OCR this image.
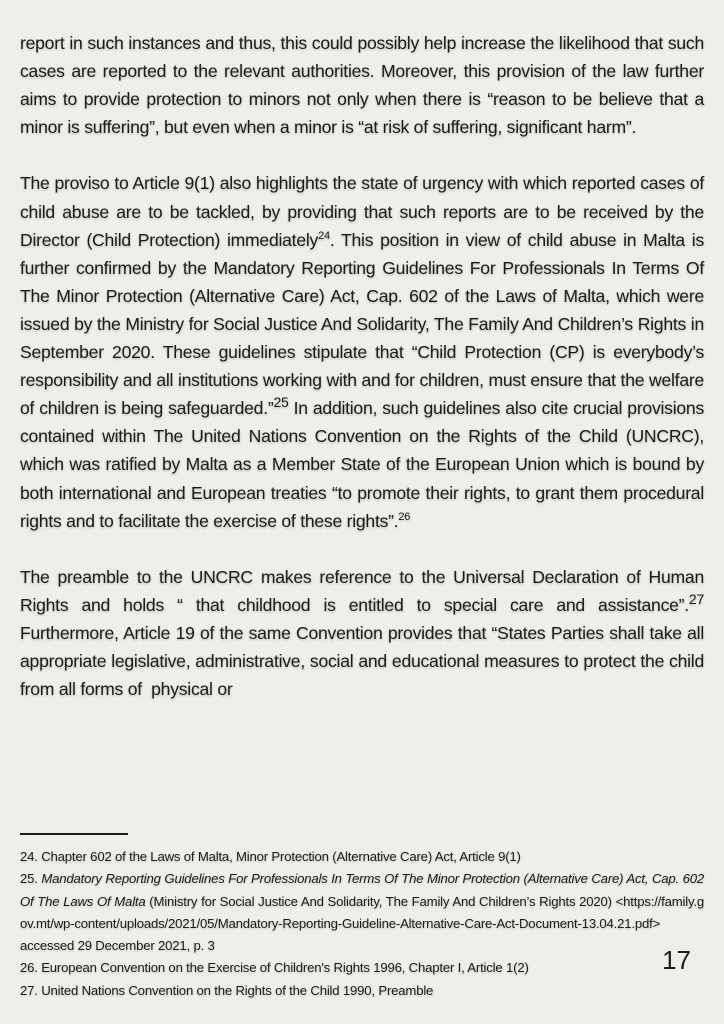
report in such instances and thus, this could possibly help increase the likelihood that such cases are reported to the relevant authorities. Moreover, this provision of the law further aims to provide protection to minors not only when there is “reason to be believe that a minor is suffering”, but even when a minor is “at risk of suffering, significant harm”.

The proviso to Article 9(1) also highlights the state of urgency with which reported cases of child abuse are to be tackled, by providing that such reports are to be received by the Director (Child Protection) immediately$^{24}$. This position in view of child abuse in Malta is further confirmed by the Mandatory Reporting Guidelines For Professionals In Terms Of The Minor Protection (Alternative Care) Act, Cap. 602 of the Laws of Malta, which were issued by the Ministry for Social Justice And Solidarity, The Family And Children’s Rights in September 2020. These guidelines stipulate that “Child Protection (CP) is everybody’s responsibility and all institutions working with and for children, must ensure that the welfare of children is being safeguarded.”$^{25}$ In addition, such guidelines also cite crucial provisions contained within The United Nations Convention on the Rights of the Child (UNCRC), which was ratified by Malta as a Member State of the European Union which is bound by both international and European treaties “to promote their rights, to grant them procedural rights and to facilitate the exercise of these rights”.$^{26}$

The preamble to the UNCRC makes reference to the Universal Declaration of Human Rights and holds “ that childhood is entitled to special care and assistance”.$^{27}$ Furthermore, Article 19 of the same Convention provides that “States Parties shall take all appropriate legislative, administrative, social and educational measures to protect the child from all forms of  physical or

24. Chapter 602 of the Laws of Malta, Minor Protection (Alternative Care) Act, Article 9(1)

25. Mandatory Reporting Guidelines For Professionals In Terms Of The Minor Protection (Alternative Care) Act, Cap. 602 Of The Laws Of Malta (Ministry for Social Justice And Solidarity, The Family And Children’s Rights 2020) <https://family.gov.mt/wp-content/uploads/2021/05/Mandatory-Reporting-Guideline-Alternative-Care-Act-Document-13.04.21.pdf> accessed 29 December 2021, p. 3

26. European Convention on the Exercise of Children's Rights 1996, Chapter I, Article 1(2)

27. United Nations Convention on the Rights of the Child 1990, Preamble

17
